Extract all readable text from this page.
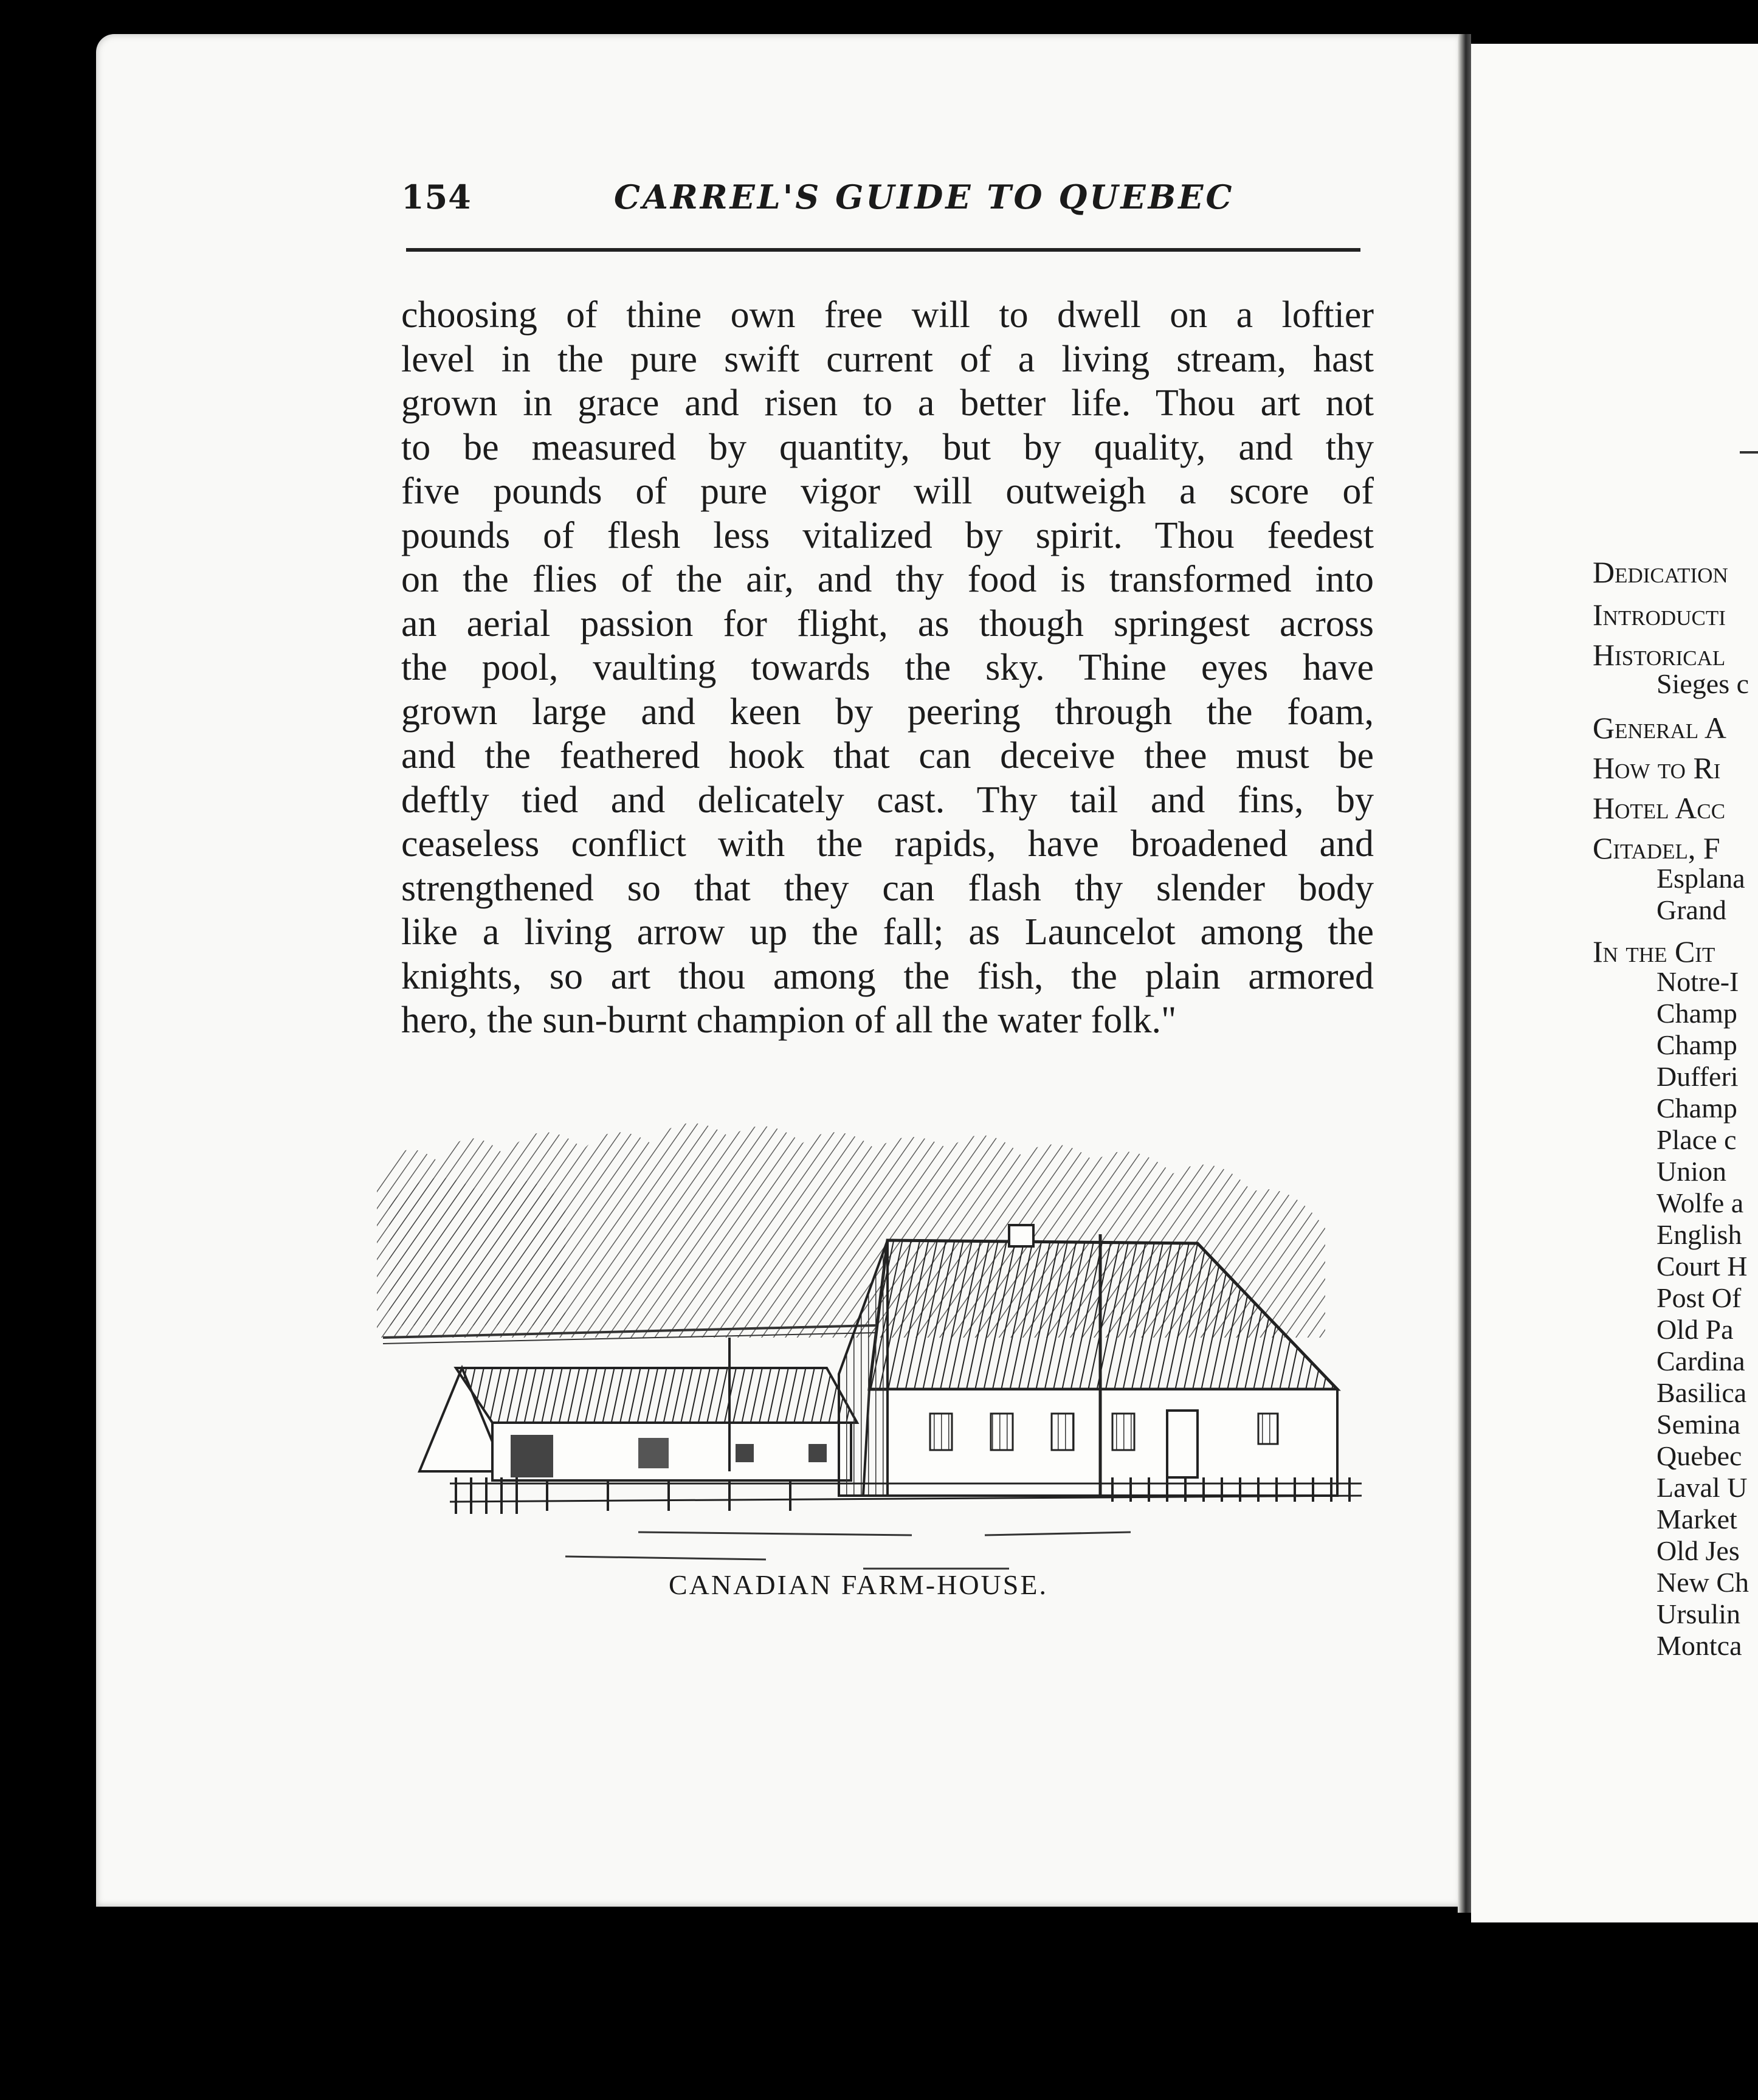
154	CARREL'S GUIDE TO QUEBEC
choosing of thine own free will to dwell on a loftier
level in the pure swift current of a living stream, hast
grown in grace and risen to a better life. Thou art not
to be measured by quantity, but by quality, and thy
five pounds of pure vigor will outweigh a score of
pounds of flesh less vitalized by spirit. Thou feedest
on the flies of the air, and thy food is transformed into
an aerial passion for flight, as though springest across
the pool, vaulting towards the sky. Thine eyes have
grown large and keen by peering through the foam,
and the feathered hook that can deceive thee must be
deftly tied and delicately cast. Thy tail and fins, by
ceaseless conflict with the rapids, have broadened and
strengthened so that they can flash thy slender body
like a living arrow up the fall; as Launcelot among the
knights, so art thou among the fish, the plain armored
hero, the sun-burnt champion of all the water folk."
CANADIAN FARM-HOUSE.
Dedication
Introducti
Historical
Sieges c
General A
How to Ri
Hotel Acc
Citadel, F
Esplana
Grand
In the Cit
Notre-I
Champ
Champ
Dufferi
Champ
Place c
Union
Wolfe a
English
Court H
Post Of
Old Pa
Cardina
Basilica
Semina
Quebec
Laval U
Market
Old Jes
New Ch
Ursulin
Montca
